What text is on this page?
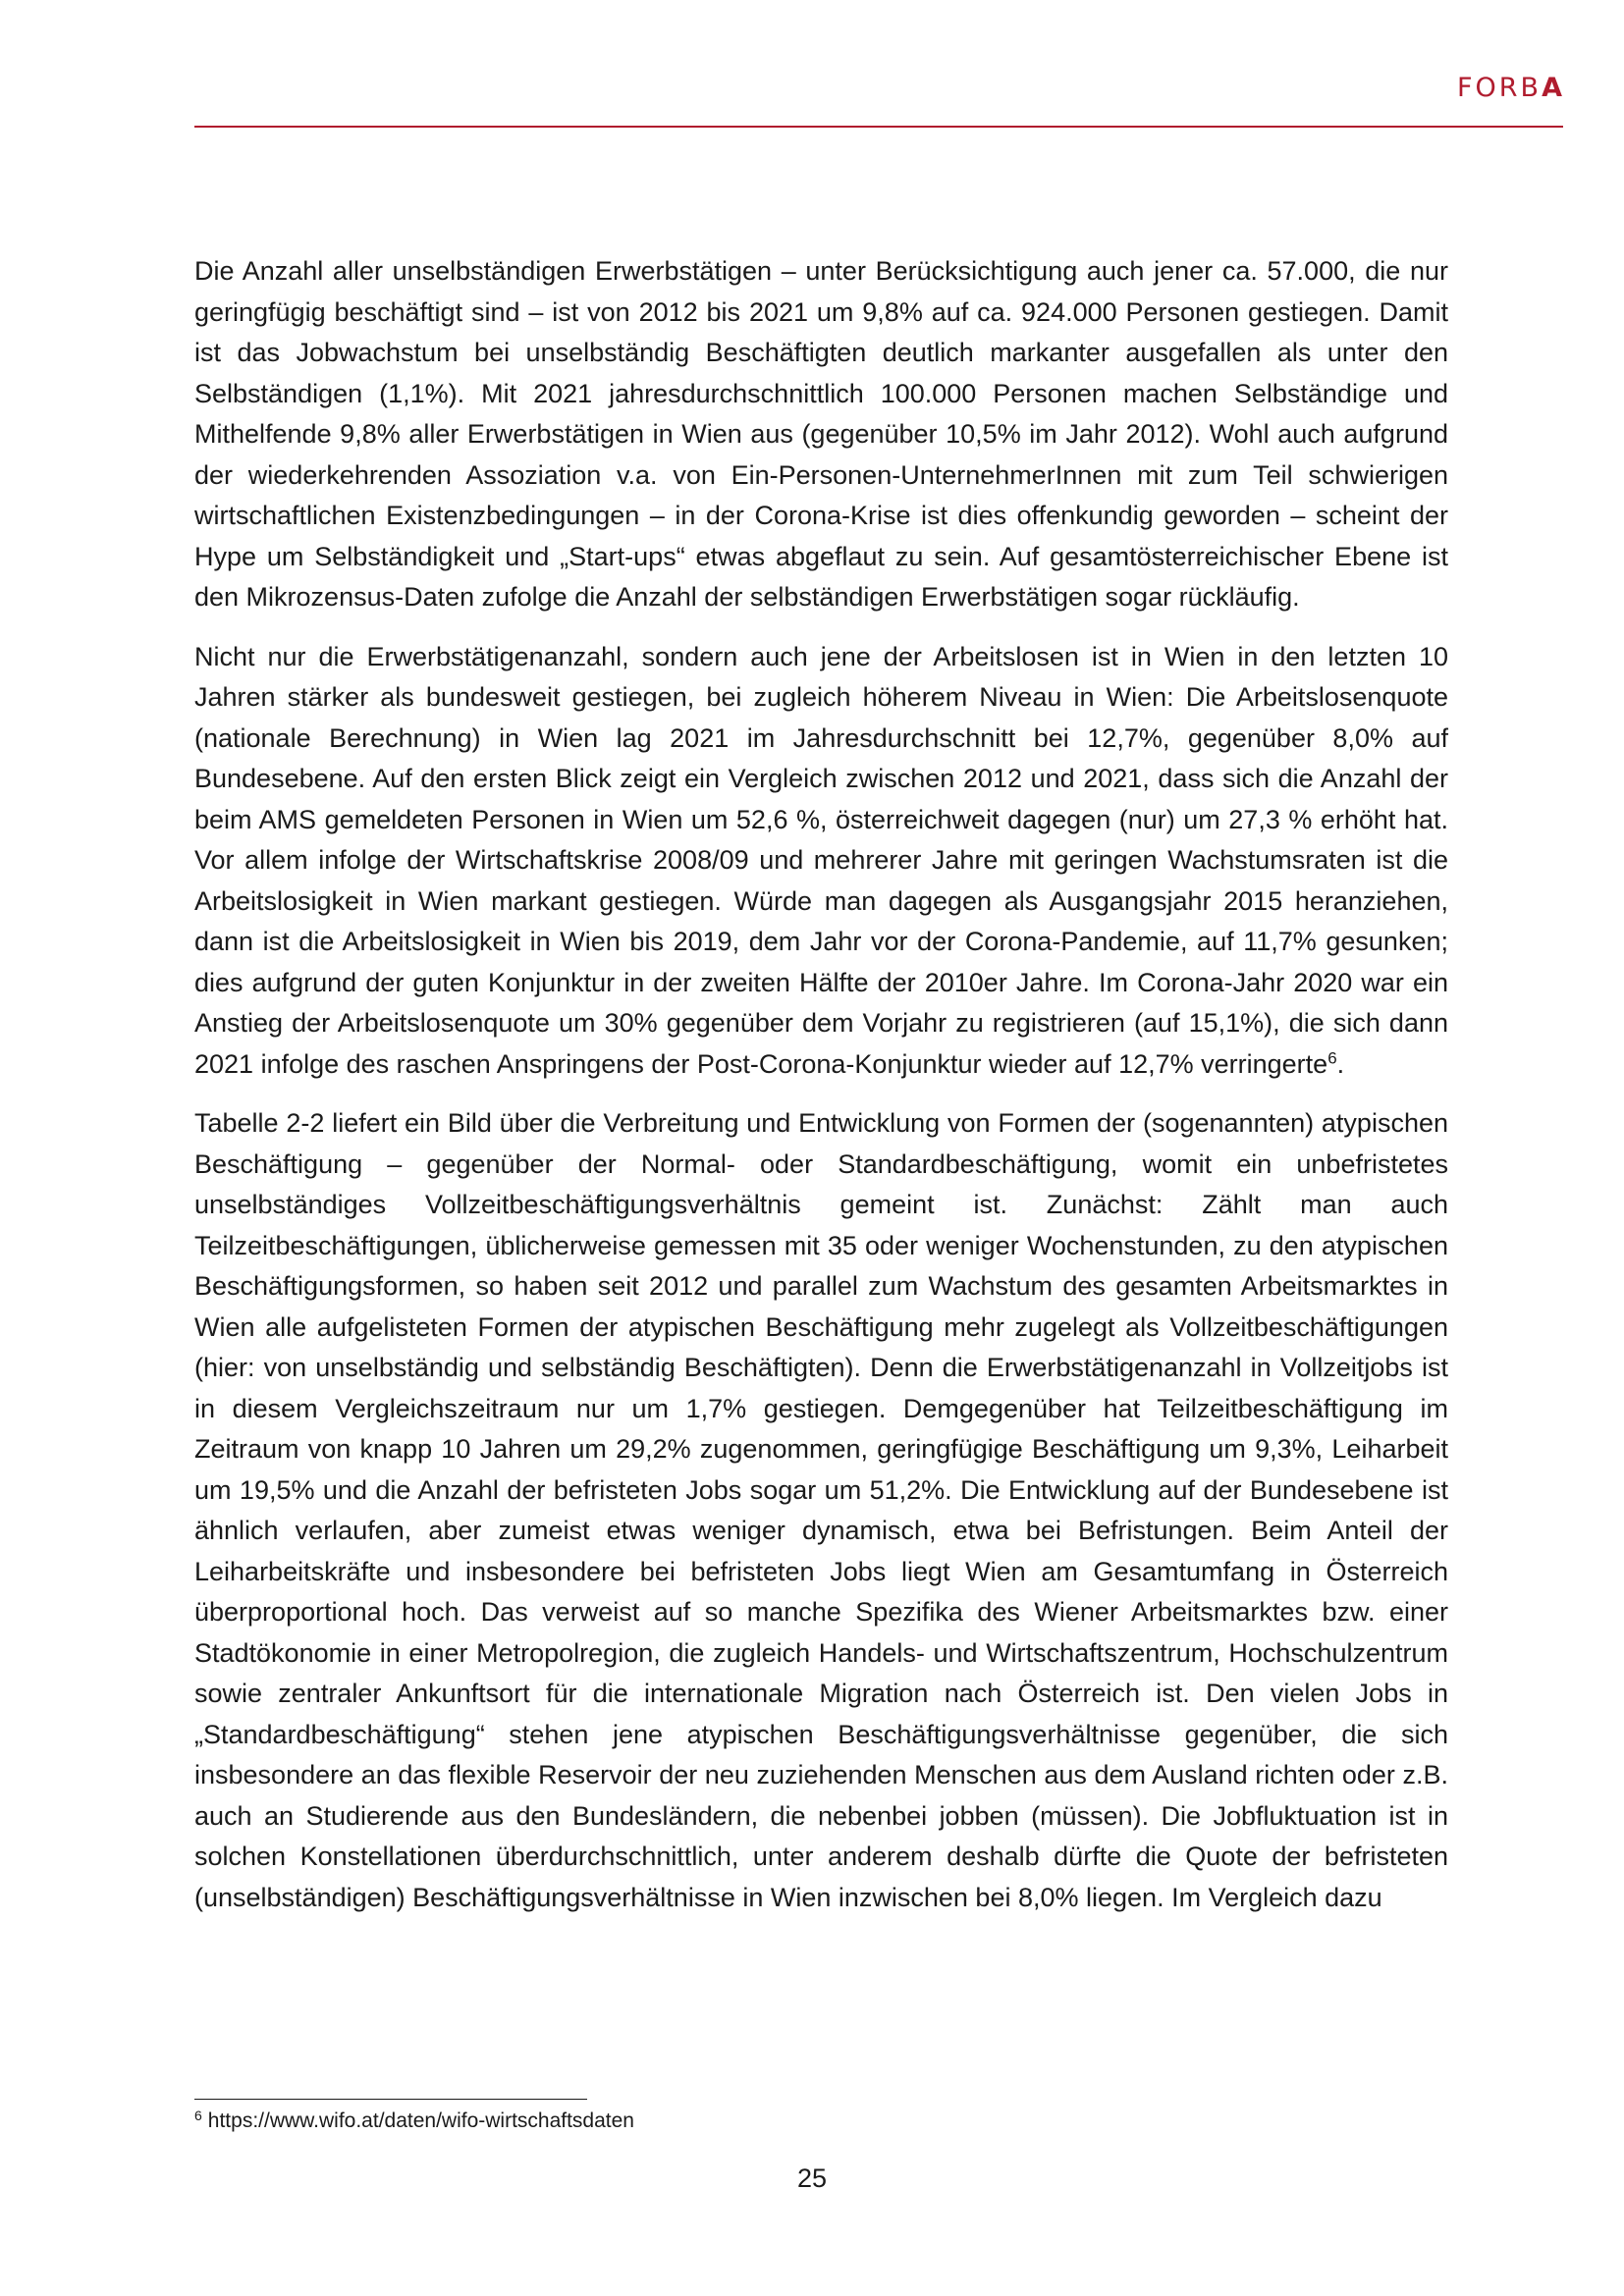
FORBA

Die Anzahl aller unselbständigen Erwerbstätigen – unter Berücksichtigung auch jener ca. 57.000, die nur geringfügig beschäftigt sind – ist von 2012 bis 2021 um 9,8% auf ca. 924.000 Personen gestiegen. Damit ist das Jobwachstum bei unselbständig Beschäftigten deutlich markanter ausgefallen als unter den Selbständigen (1,1%). Mit 2021 jahresdurchschnittlich 100.000 Personen machen Selbständige und Mithelfende 9,8% aller Erwerbstätigen in Wien aus (gegenüber 10,5% im Jahr 2012). Wohl auch aufgrund der wiederkehrenden Assoziation v.a. von Ein-Personen-UnternehmerInnen mit zum Teil schwierigen wirtschaftlichen Existenzbedingungen – in der Corona-Krise ist dies offenkundig geworden – scheint der Hype um Selbständigkeit und „Start-ups“ etwas abgeflaut zu sein. Auf gesamtösterreichischer Ebene ist den Mikrozensus-Daten zufolge die Anzahl der selbständigen Erwerbstätigen sogar rückläufig.

Nicht nur die Erwerbstätigenanzahl, sondern auch jene der Arbeitslosen ist in Wien in den letzten 10 Jahren stärker als bundesweit gestiegen, bei zugleich höherem Niveau in Wien: Die Arbeitslosenquote (nationale Berechnung) in Wien lag 2021 im Jahresdurchschnitt bei 12,7%, gegenüber 8,0% auf Bundesebene. Auf den ersten Blick zeigt ein Vergleich zwischen 2012 und 2021, dass sich die Anzahl der beim AMS gemeldeten Personen in Wien um 52,6 %, österreichweit dagegen (nur) um 27,3 % erhöht hat. Vor allem infolge der Wirtschaftskrise 2008/09 und mehrerer Jahre mit geringen Wachstumsraten ist die Arbeitslosigkeit in Wien markant gestiegen. Würde man dagegen als Ausgangsjahr 2015 heranziehen, dann ist die Arbeitslosigkeit in Wien bis 2019, dem Jahr vor der Corona-Pandemie, auf 11,7% gesunken; dies aufgrund der guten Konjunktur in der zweiten Hälfte der 2010er Jahre. Im Corona-Jahr 2020 war ein Anstieg der Arbeitslosenquote um 30% gegenüber dem Vorjahr zu registrieren (auf 15,1%), die sich dann 2021 infolge des raschen Anspringens der Post-Corona-Konjunktur wieder auf 12,7% verringerte$^6$.

Tabelle 2-2 liefert ein Bild über die Verbreitung und Entwicklung von Formen der (sogenannten) atypischen Beschäftigung – gegenüber der Normal- oder Standardbeschäftigung, womit ein unbefristetes unselbständiges Vollzeitbeschäftigungsverhältnis gemeint ist. Zunächst: Zählt man auch Teilzeitbeschäftigungen, üblicherweise gemessen mit 35 oder weniger Wochenstunden, zu den atypischen Beschäftigungsformen, so haben seit 2012 und parallel zum Wachstum des gesamten Arbeitsmarktes in Wien alle aufgelisteten Formen der atypischen Beschäftigung mehr zugelegt als Vollzeitbeschäftigungen (hier: von unselbständig und selbständig Beschäftigten). Denn die Erwerbstätigenanzahl in Vollzeitjobs ist in diesem Vergleichszeitraum nur um 1,7% gestiegen. Demgegenüber hat Teilzeitbeschäftigung im Zeitraum von knapp 10 Jahren um 29,2% zugenommen, geringfügige Beschäftigung um 9,3%, Leiharbeit um 19,5% und die Anzahl der befristeten Jobs sogar um 51,2%. Die Entwicklung auf der Bundesebene ist ähnlich verlaufen, aber zumeist etwas weniger dynamisch, etwa bei Befristungen. Beim Anteil der Leiharbeitskräfte und insbesondere bei befristeten Jobs liegt Wien am Gesamtumfang in Österreich überproportional hoch. Das verweist auf so manche Spezifika des Wiener Arbeitsmarktes bzw. einer Stadtökonomie in einer Metropolregion, die zugleich Handels- und Wirtschaftszentrum, Hochschulzentrum sowie zentraler Ankunftsort für die internationale Migration nach Österreich ist. Den vielen Jobs in „Standardbeschäftigung“ stehen jene atypischen Beschäftigungsverhältnisse gegenüber, die sich insbesondere an das flexible Reservoir der neu zuziehenden Menschen aus dem Ausland richten oder z.B. auch an Studierende aus den Bundesländern, die nebenbei jobben (müssen). Die Jobfluktuation ist in solchen Konstellationen überdurchschnittlich, unter anderem deshalb dürfte die Quote der befristeten (unselbständigen) Beschäftigungsverhältnisse in Wien inzwischen bei 8,0% liegen. Im Vergleich dazu

$^6$ https://www.wifo.at/daten/wifo-wirtschaftsdaten
25
